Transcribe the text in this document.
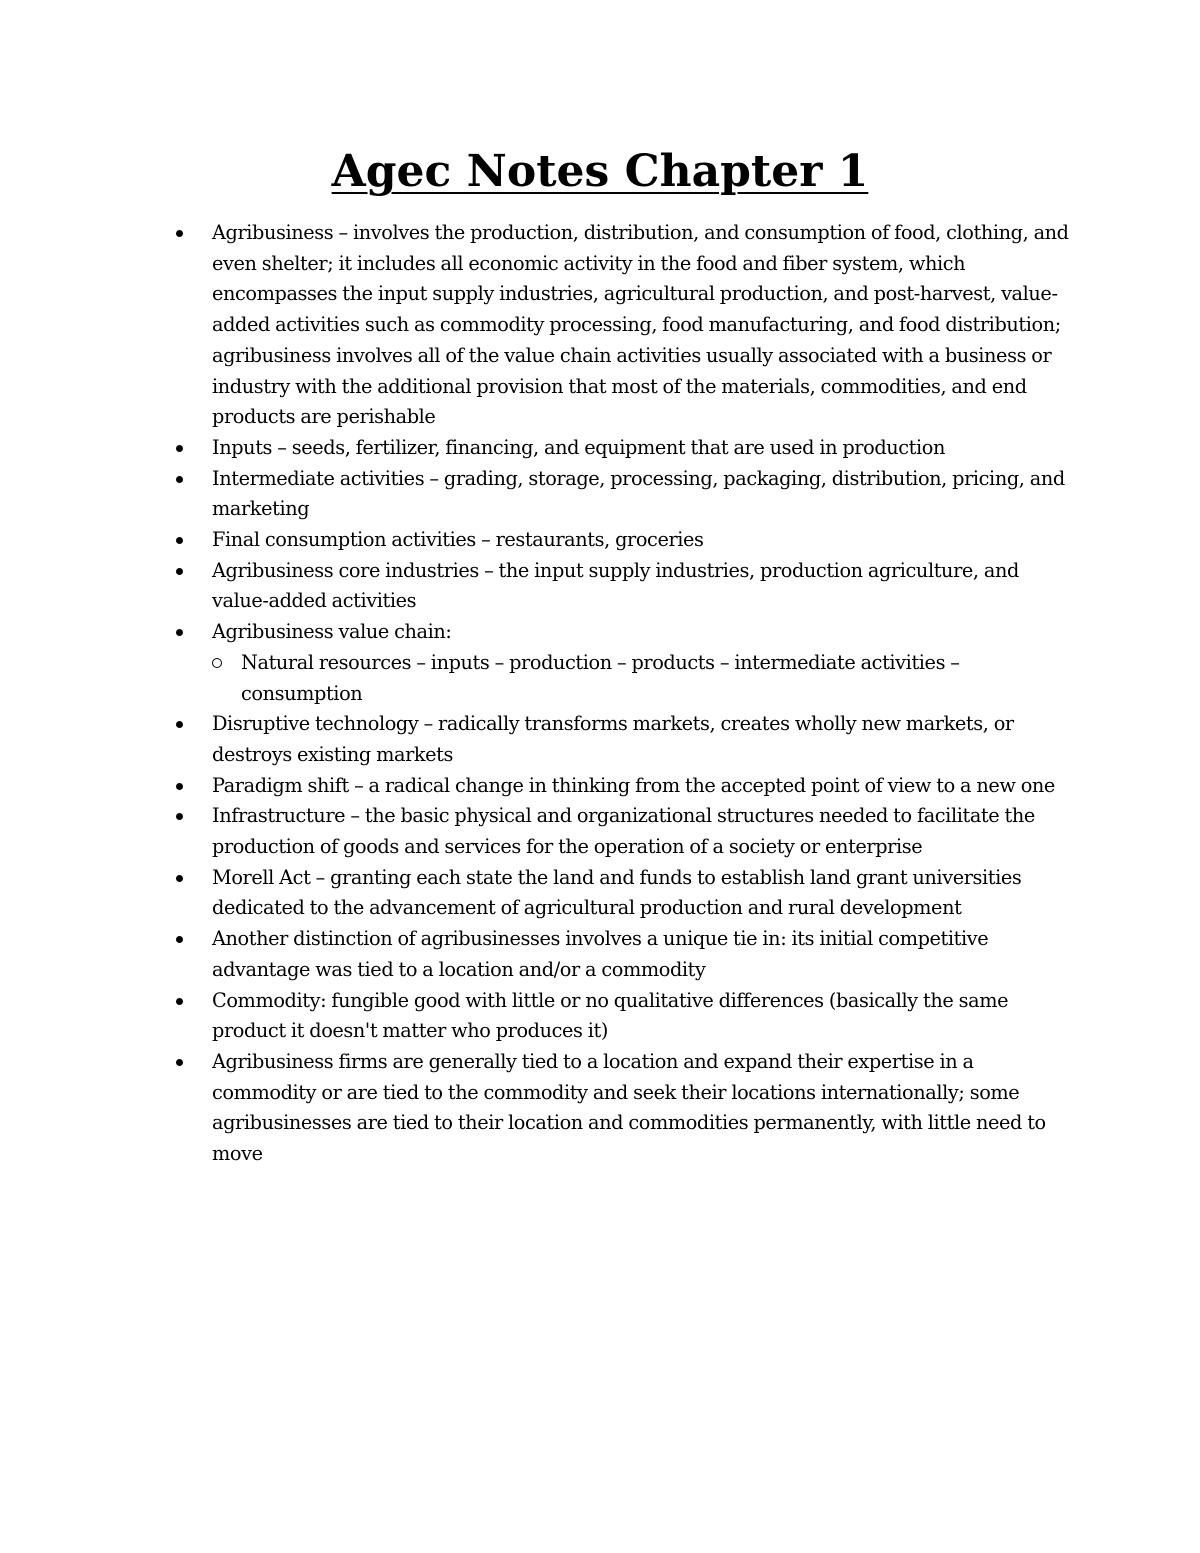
Agec Notes Chapter 1
Agribusiness – involves the production, distribution, and consumption of food, clothing, and even shelter; it includes all economic activity in the food and fiber system, which encompasses the input supply industries, agricultural production, and post-harvest, value-added activities such as commodity processing, food manufacturing, and food distribution; agribusiness involves all of the value chain activities usually associated with a business or industry with the additional provision that most of the materials, commodities, and end products are perishable
Inputs – seeds, fertilizer, financing, and equipment that are used in production
Intermediate activities – grading, storage, processing, packaging, distribution, pricing, and marketing
Final consumption activities – restaurants, groceries
Agribusiness core industries – the input supply industries, production agriculture, and value-added activities
Agribusiness value chain:
Natural resources – inputs – production – products – intermediate activities – consumption
Disruptive technology – radically transforms markets, creates wholly new markets, or destroys existing markets
Paradigm shift – a radical change in thinking from the accepted point of view to a new one
Infrastructure – the basic physical and organizational structures needed to facilitate the production of goods and services for the operation of a society or enterprise
Morell Act – granting each state the land and funds to establish land grant universities dedicated to the advancement of agricultural production and rural development
Another distinction of agribusinesses involves a unique tie in: its initial competitive advantage was tied to a location and/or a commodity
Commodity: fungible good with little or no qualitative differences (basically the same product it doesn't matter who produces it)
Agribusiness firms are generally tied to a location and expand their expertise in a commodity or are tied to the commodity and seek their locations internationally; some agribusinesses are tied to their location and commodities permanently, with little need to move
